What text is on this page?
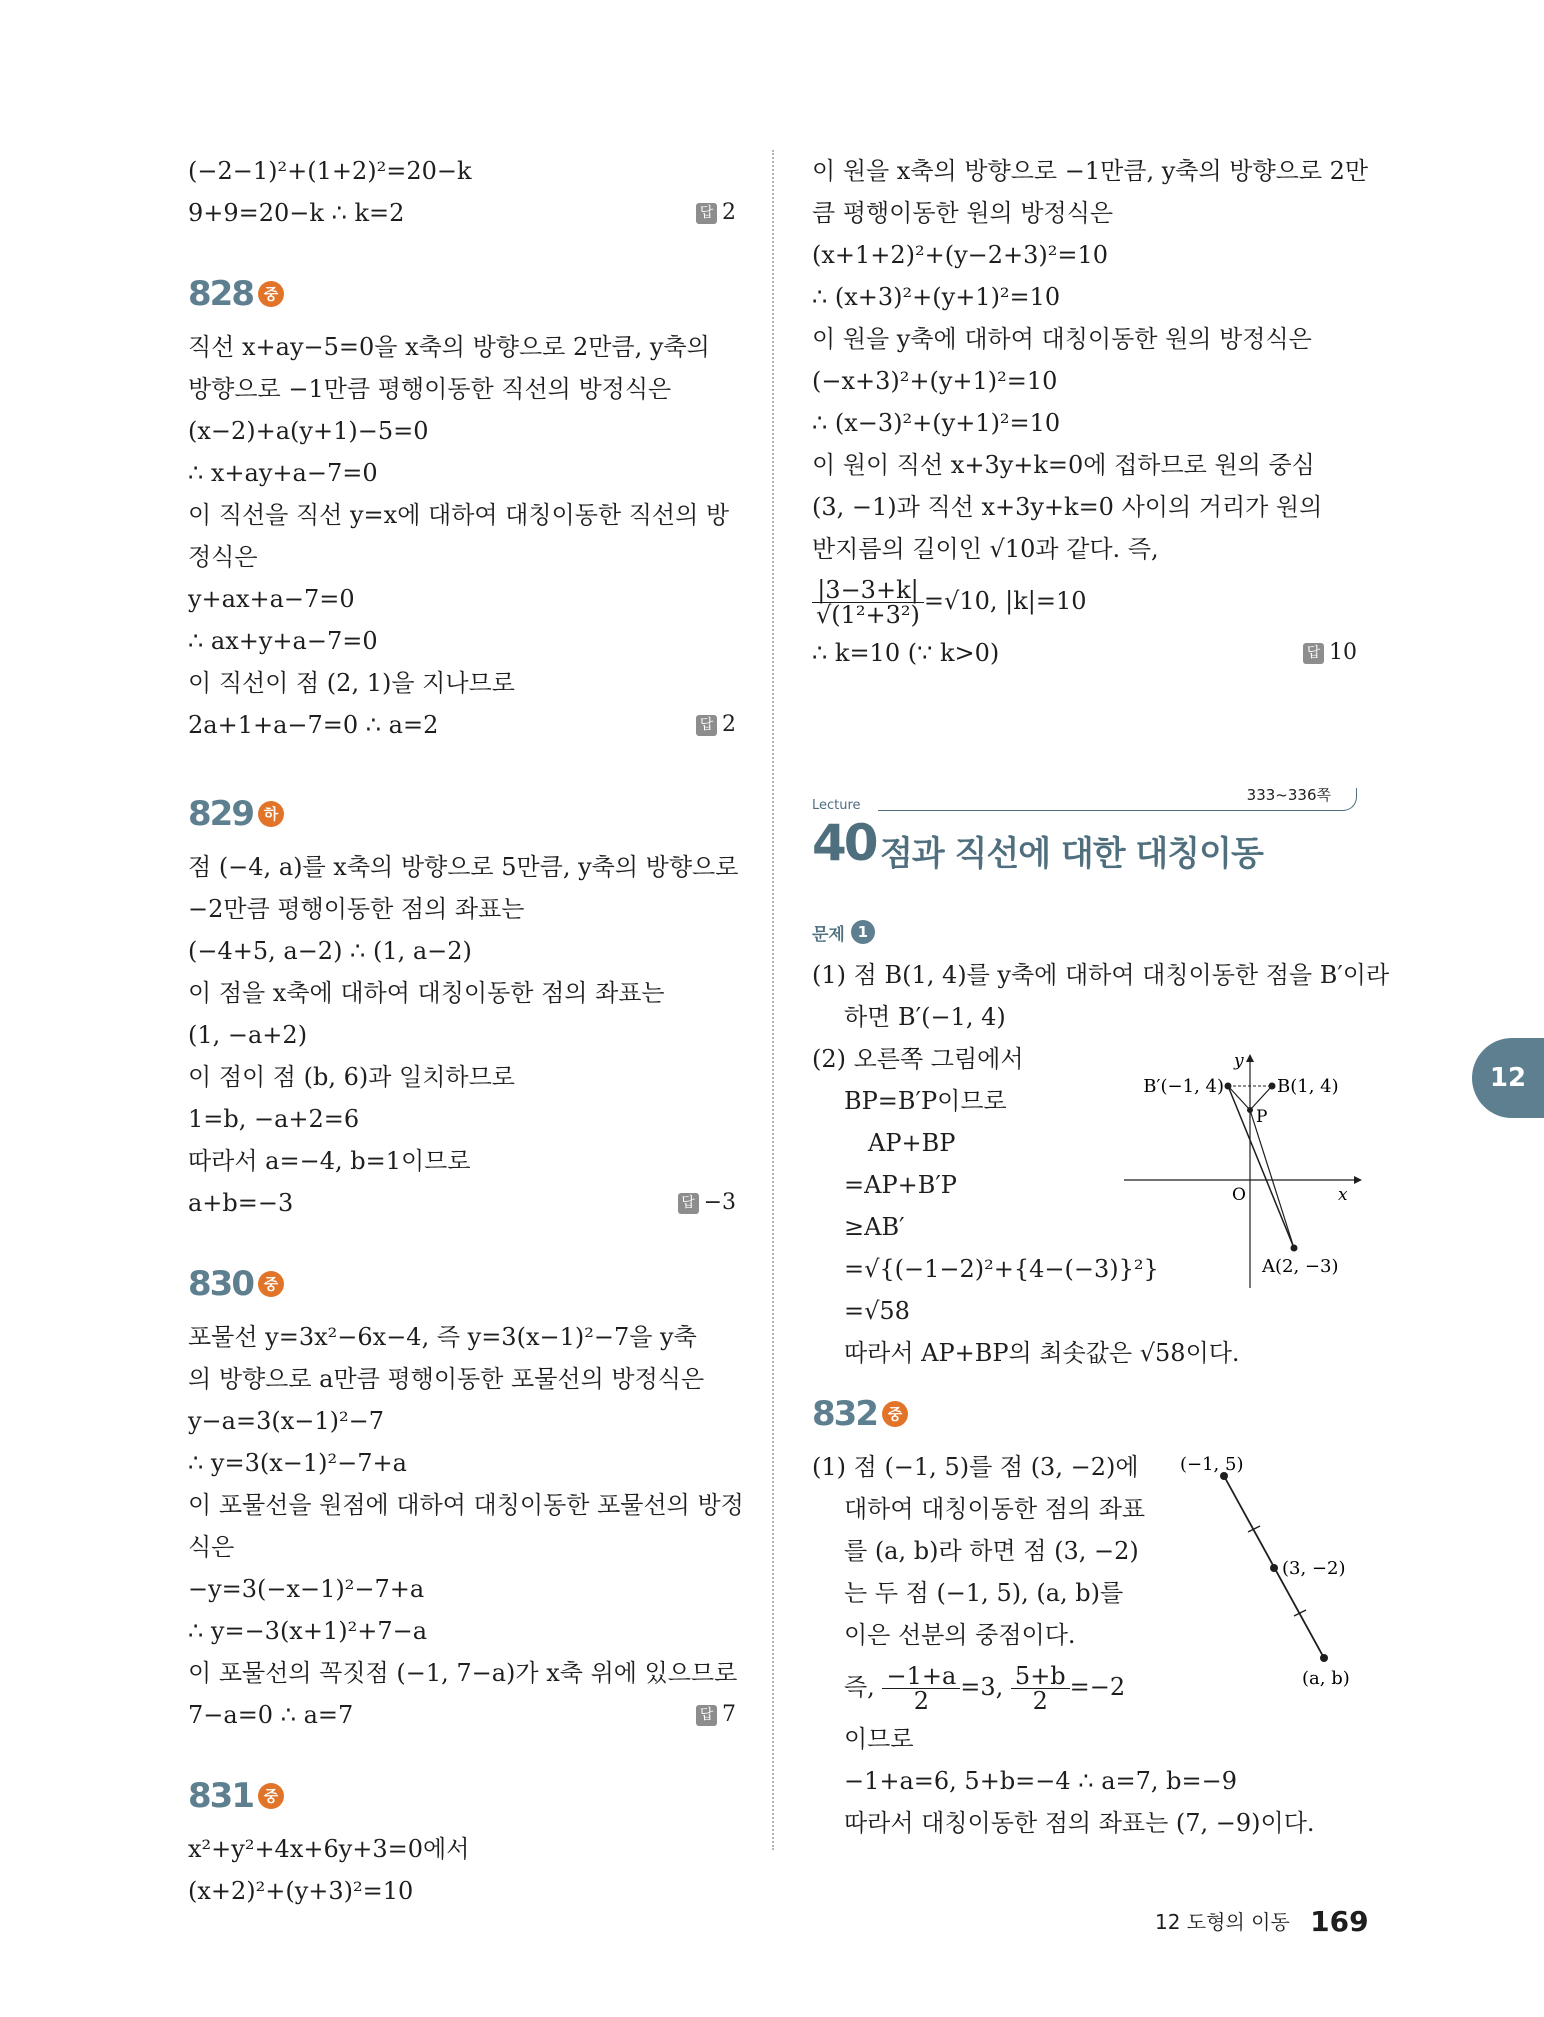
(−2−1)²+(1+2)²=20−k
9+9=20−k ∴ k=2	답 2
828 중
직선 x+ay−5=0을 x축의 방향으로 2만큼, y축의
방향으로 −1만큼 평행이동한 직선의 방정식은
(x−2)+a(y+1)−5=0
∴ x+ay+a−7=0
이 직선을 직선 y=x에 대하여 대칭이동한 직선의 방
정식은
y+ax+a−7=0
∴ ax+y+a−7=0
이 직선이 점 (2, 1)을 지나므로
2a+1+a−7=0 ∴ a=2	답 2
829 하
점 (−4, a)를 x축의 방향으로 5만큼, y축의 방향으로
−2만큼 평행이동한 점의 좌표는
(−4+5, a−2) ∴ (1, a−2)
이 점을 x축에 대하여 대칭이동한 점의 좌표는
(1, −a+2)
이 점이 점 (b, 6)과 일치하므로
1=b, −a+2=6
따라서 a=−4, b=1이므로
a+b=−3	답 −3
830 중
포물선 y=3x²−6x−4, 즉 y=3(x−1)²−7을 y축
의 방향으로 a만큼 평행이동한 포물선의 방정식은
y−a=3(x−1)²−7
∴ y=3(x−1)²−7+a
이 포물선을 원점에 대하여 대칭이동한 포물선의 방정
식은
−y=3(−x−1)²−7+a
∴ y=−3(x+1)²+7−a
이 포물선의 꼭짓점 (−1, 7−a)가 x축 위에 있으므로
7−a=0 ∴ a=7	답 7
831 중
x²+y²+4x+6y+3=0에서
(x+2)²+(y+3)²=10
이 원을 x축의 방향으로 −1만큼, y축의 방향으로 2만
큼 평행이동한 원의 방정식은
(x+1+2)²+(y−2+3)²=10
∴ (x+3)²+(y+1)²=10
이 원을 y축에 대하여 대칭이동한 원의 방정식은
(−x+3)²+(y+1)²=10
∴ (x−3)²+(y+1)²=10
이 원이 직선 x+3y+k=0에 접하므로 원의 중심
(3, −1)과 직선 x+3y+k=0 사이의 거리가 원의
반지름의 길이인 √10과 같다. 즉,
$\frac{|3-3+k|}{\text{√(1²+3²)}} =√10$, |k|=10
∴ k=10 (∵ k>0)	답 10
Lecture
333~336쪽
40 점과 직선에 대한 대칭이동
문제 1
(1) 점 B(1, 4)를 y축에 대하여 대칭이동한 점을 B′이라
하면 B′(−1, 4)
(2) 오른쪽 그림에서
BP=B′P이므로
AP+BP
=AP+B′P
≥AB′
=√{(−1−2)²+{4−(−3)}²}
=√58
따라서 AP+BP의 최솟값은 √58이다.
832 중
(1) 점 (−1, 5)를 점 (3, −2)에
대하여 대칭이동한 점의 좌표
를 (a, b)라 하면 점 (3, −2)
는 두 점 (−1, 5), (a, b)를
이은 선분의 중점이다.
즉, $\frac{-1+a}{2} =3$, $\frac{5+b}{2} =-2$
이므로
−1+a=6, 5+b=−4 ∴ a=7, b=−9
따라서 대칭이동한 점의 좌표는 (7, −9)이다.
B′(−1, 4)	B(1, 4)
P
O	x
y
A(2, −3)
(−1, 5)
(3, −2)
(a, b)
12
12 도형의 이동 169
